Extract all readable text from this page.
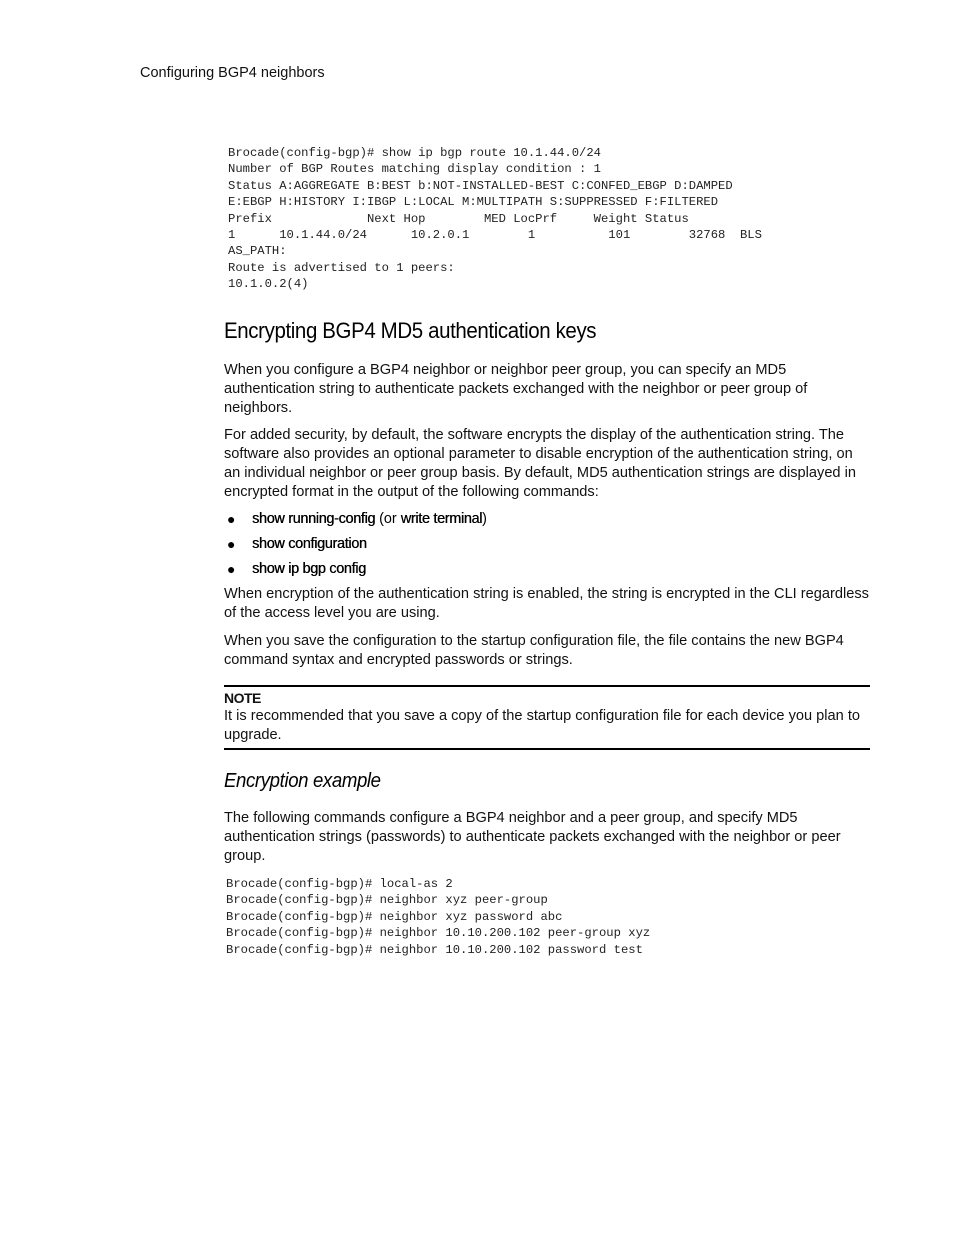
Configuring BGP4 neighbors
Brocade(config-bgp)# show ip bgp route 10.1.44.0/24
Number of BGP Routes matching display condition : 1
Status A:AGGREGATE B:BEST b:NOT-INSTALLED-BEST C:CONFED_EBGP D:DAMPED
E:EBGP H:HISTORY I:IBGP L:LOCAL M:MULTIPATH S:SUPPRESSED F:FILTERED
Prefix             Next Hop        MED LocPrf     Weight Status
1      10.1.44.0/24      10.2.0.1        1          101        32768  BLS
AS_PATH:
Route is advertised to 1 peers:
10.1.0.2(4)
Encrypting BGP4 MD5 authentication keys

When you configure a BGP4 neighbor or neighbor peer group, you can specify an MD5 authentication string to authenticate packets exchanged with the neighbor or peer group of neighbors.

For added security, by default, the software encrypts the display of the authentication string. The software also provides an optional parameter to disable encryption of the authentication string, on an individual neighbor or peer group basis. By default, MD5 authentication strings are displayed in encrypted format in the output of the following commands:

● show running-config (or write terminal)
● show configuration
● show ip bgp config

When encryption of the authentication string is enabled, the string is encrypted in the CLI regardless of the access level you are using.

When you save the configuration to the startup configuration file, the file contains the new BGP4 command syntax and encrypted passwords or strings.

NOTE
It is recommended that you save a copy of the startup configuration file for each device you plan to upgrade.
Encryption example

The following commands configure a BGP4 neighbor and a peer group, and specify MD5 authentication strings (passwords) to authenticate packets exchanged with the neighbor or peer group.

Brocade(config-bgp)# local-as 2
Brocade(config-bgp)# neighbor xyz peer-group
Brocade(config-bgp)# neighbor xyz password abc
Brocade(config-bgp)# neighbor 10.10.200.102 peer-group xyz
Brocade(config-bgp)# neighbor 10.10.200.102 password test
